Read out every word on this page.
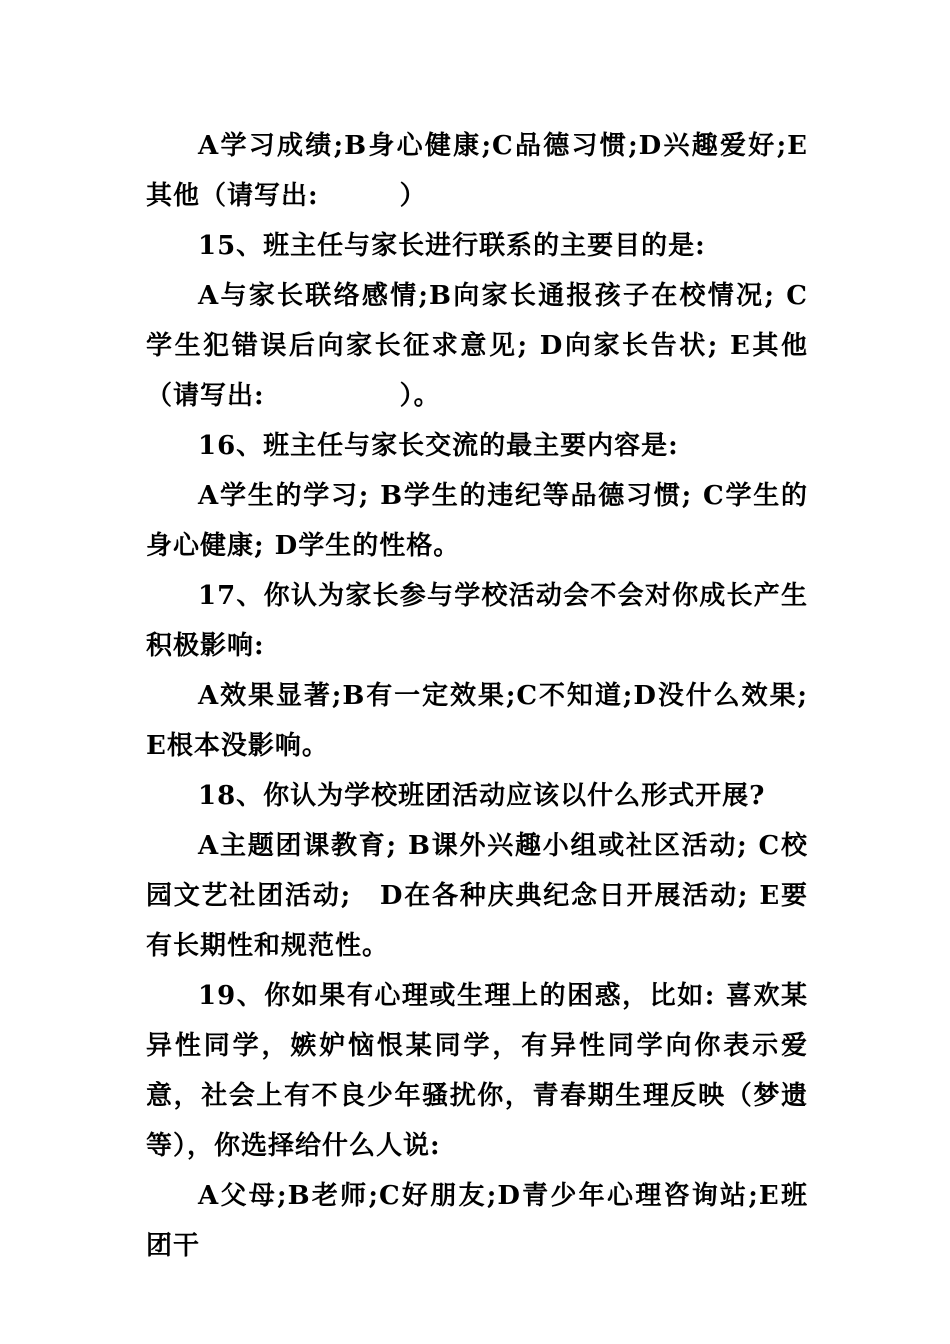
A学习成绩;B身心健康;C品德习惯;D兴趣爱好;E其他（请写出:　　　）

15、班主任与家长进行联系的主要目的是:

A与家长联络感情;B向家长通报孩子在校情况; C学生犯错误后向家长征求意见; D向家长告状; E其他（请写出:　　　　　）。

16、班主任与家长交流的最主要内容是:

A学生的学习; B学生的违纪等品德习惯; C学生的身心健康; D学生的性格。

17、你认为家长参与学校活动会不会对你成长产生积极影响:

A效果显著;B有一定效果;C不知道;D没什么效果;E根本没影响。

18、你认为学校班团活动应该以什么形式开展?

A主题团课教育; B课外兴趣小组或社区活动; C校园文艺社团活动;　D在各种庆典纪念日开展活动; E要有长期性和规范性。

19、你如果有心理或生理上的困惑，比如: 喜欢某异性同学，嫉妒恼恨某同学，有异性同学向你表示爱意，社会上有不良少年骚扰你，青春期生理反映（梦遗等），你选择给什么人说:

A父母;B老师;C好朋友;D青少年心理咨询站;E班团干
